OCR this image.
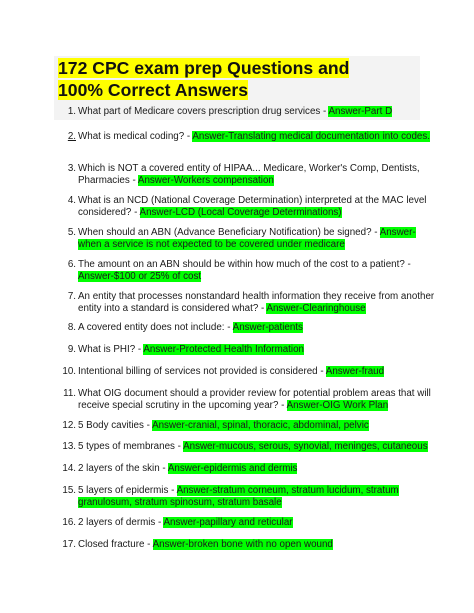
172 CPC exam prep Questions and
100% Correct Answers
1. What part of Medicare covers prescription drug services - Answer-Part D
2. What is medical coding? - Answer-Translating medical documentation into codes.
3. Which is NOT a covered entity of HIPAA... Medicare, Worker's Comp, Dentists, Pharmacies - Answer-Workers compensation
4. What is an NCD (National Coverage Determination) interpreted at the MAC level considered? - Answer-LCD (Local Coverage Determinations)
5. When should an ABN (Advance Beneficiary Notification) be signed? - Answer-when a service is not expected to be covered under medicare
6. The amount on an ABN should be within how much of the cost to a patient? - Answer-$100 or 25% of cost
7. An entity that processes nonstandard health information they receive from another entity into a standard is considered what? - Answer-Clearinghouse
8. A covered entity does not include: - Answer-patients
9. What is PHI? - Answer-Protected Health Information
10. Intentional billing of services not provided is considered - Answer-fraud
11. What OIG document should a provider review for potential problem areas that will receive special scrutiny in the upcoming year? - Answer-OIG Work Plan
12. 5 Body cavities - Answer-cranial, spinal, thoracic, abdominal, pelvic
13. 5 types of membranes - Answer-mucous, serous, synovial, meninges, cutaneous
14. 2 layers of the skin - Answer-epidermis and dermis
15. 5 layers of epidermis - Answer-stratum corneum, stratum lucidum, stratum granulosum, stratum spinosum, stratum basale
16. 2 layers of dermis - Answer-papillary and reticular
17. Closed fracture - Answer-broken bone with no open wound
